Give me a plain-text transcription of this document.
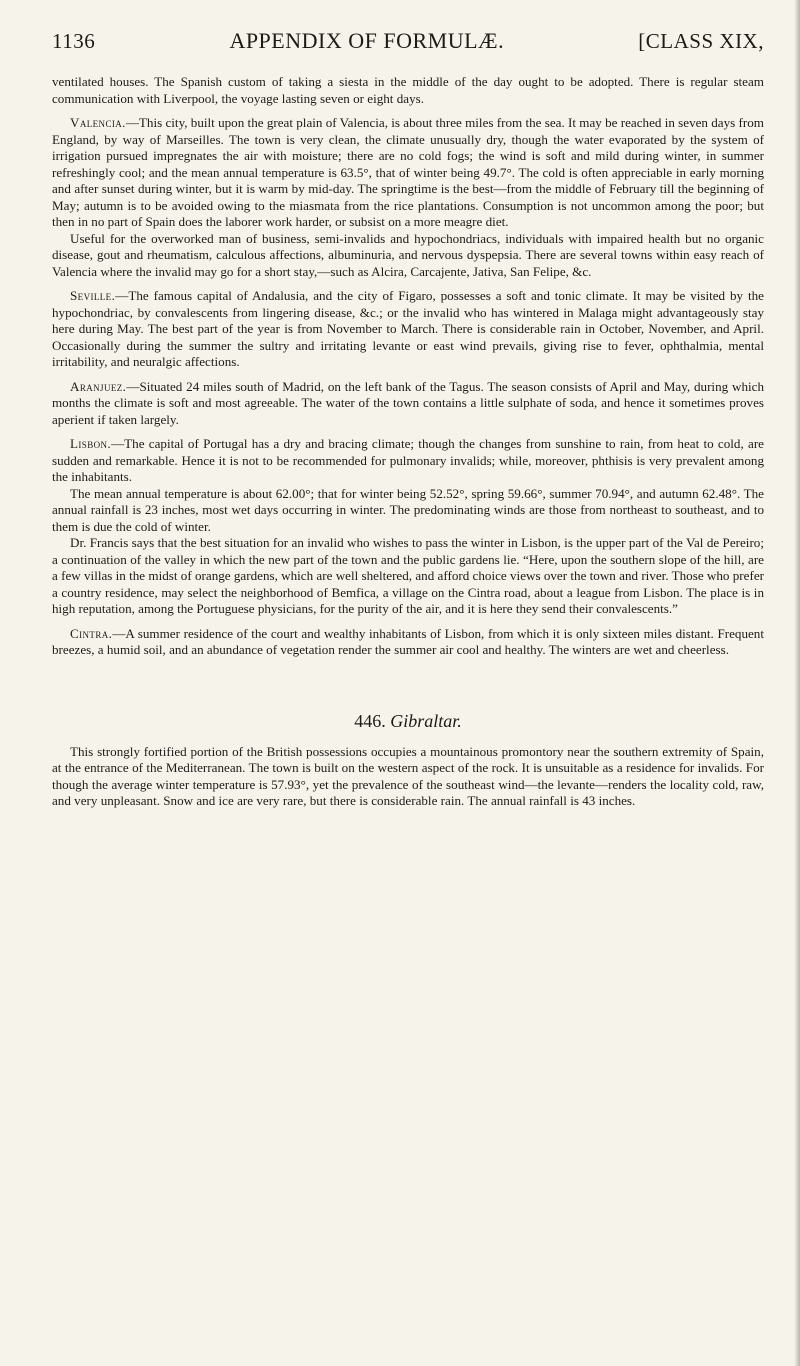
1136	APPENDIX OF FORMULÆ.	[CLASS XIX,

ventilated houses. The Spanish custom of taking a siesta in the middle of the day ought to be adopted. There is regular steam communication with Liverpool, the voyage lasting seven or eight days.

Valencia.—This city, built upon the great plain of Valencia, is about three miles from the sea. It may be reached in seven days from England, by way of Marseilles. The town is very clean, the climate unusually dry, though the water evaporated by the system of irrigation pursued impregnates the air with moisture; there are no cold fogs; the wind is soft and mild during winter, in summer refreshingly cool; and the mean annual temperature is 63.5°, that of winter being 49.7°. The cold is often appreciable in early morning and after sunset during winter, but it is warm by mid-day. The springtime is the best—from the middle of February till the beginning of May; autumn is to be avoided owing to the miasmata from the rice plantations. Consumption is not uncommon among the poor; but then in no part of Spain does the laborer work harder, or subsist on a more meagre diet.

Useful for the overworked man of business, semi-invalids and hypochondriacs, individuals with impaired health but no organic disease, gout and rheumatism, calculous affections, albuminuria, and nervous dyspepsia. There are several towns within easy reach of Valencia where the invalid may go for a short stay,—such as Alcira, Carcajente, Jativa, San Felipe, &c.

Seville.—The famous capital of Andalusia, and the city of Figaro, possesses a soft and tonic climate. It may be visited by the hypochondriac, by convalescents from lingering disease, &c.; or the invalid who has wintered in Malaga might advantageously stay here during May. The best part of the year is from November to March. There is considerable rain in October, November, and April. Occasionally during the summer the sultry and irritating levante or east wind prevails, giving rise to fever, ophthalmia, mental irritability, and neuralgic affections.

Aranjuez.—Situated 24 miles south of Madrid, on the left bank of the Tagus. The season consists of April and May, during which months the climate is soft and most agreeable. The water of the town contains a little sulphate of soda, and hence it sometimes proves aperient if taken largely.

Lisbon.—The capital of Portugal has a dry and bracing climate; though the changes from sunshine to rain, from heat to cold, are sudden and remarkable. Hence it is not to be recommended for pulmonary invalids; while, moreover, phthisis is very prevalent among the inhabitants.

The mean annual temperature is about 62.00°; that for winter being 52.52°, spring 59.66°, summer 70.94°, and autumn 62.48°. The annual rainfall is 23 inches, most wet days occurring in winter. The predominating winds are those from northeast to southeast, and to them is due the cold of winter.

Dr. Francis says that the best situation for an invalid who wishes to pass the winter in Lisbon, is the upper part of the Val de Pereiro; a continuation of the valley in which the new part of the town and the public gardens lie. “Here, upon the southern slope of the hill, are a few villas in the midst of orange gardens, which are well sheltered, and afford choice views over the town and river. Those who prefer a country residence, may select the neighborhood of Bemfica, a village on the Cintra road, about a league from Lisbon. The place is in high reputation, among the Portuguese physicians, for the purity of the air, and it is here they send their convalescents.”

Cintra.—A summer residence of the court and wealthy inhabitants of Lisbon, from which it is only sixteen miles distant. Frequent breezes, a humid soil, and an abundance of vegetation render the summer air cool and healthy. The winters are wet and cheerless.

446. Gibraltar.

This strongly fortified portion of the British possessions occupies a mountainous promontory near the southern extremity of Spain, at the entrance of the Mediterranean. The town is built on the western aspect of the rock. It is unsuitable as a residence for invalids. For though the average winter temperature is 57.93°, yet the prevalence of the southeast wind—the levante—renders the locality cold, raw, and very unpleasant. Snow and ice are very rare, but there is considerable rain. The annual rainfall is 43 inches.
